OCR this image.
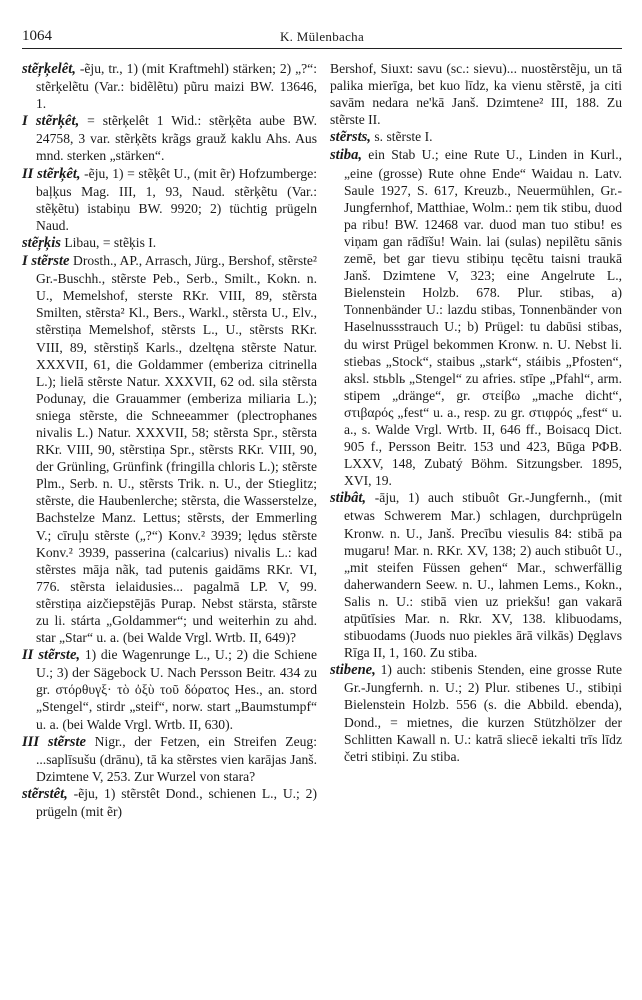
1064	K. Mülenbacha

stẽŗķelêt, -ẽju, tr., 1) (mit Kraftmehl) stärken; 2) „?“: stẽrķelẽtu (Var.: bidẽlẽtu) pũru maizi BW. 13646, 1.

I stẽrķêt, = stẽrķelêt 1 Wid.: stẽrķẽta aube BW. 24758, 3 var. stẽrķẽts krãgs grauž kaklu Ahs. Aus mnd. sterken „stärken“.

II stẽrķêt, -ẽju, 1) = stẽķêt U., (mit ẽr) Hofzumberge: baļķus Mag. III, 1, 93, Naud. stẽrķẽtu (Var.: stẽķẽtu) istabiņu BW. 9920; 2) tüchtig prügeln Naud.

stẽŗķis Libau, = stẽķis I.

I stẽrste Drosth., AP., Arrasch, Jürg., Bershof, stẽrste² Gr.-Buschh., stẽrste Peb., Serb., Smilt., Kokn. n. U., Memelshof, sterste RKr. VIII, 89, stẽrsta Smilten, stẽrsta² Kl., Bers., Warkl., stẽrsta U., Elv., stẽrstiņa Memelshof, stẽrsts L., U., stẽrsts RKr. VIII, 89, stẽrstiņš Karls., dzeltęna stẽrste Natur. XXXVII, 61, die Goldammer (emberiza citrinella L.); lielā stẽrste Natur. XXXVII, 62 od. sila stẽrsta Podunay, die Grauammer (emberiza miliaria L.); sniega stẽrste, die Schneeammer (plectrophanes nivalis L.) Natur. XXXVII, 58; stẽrsta Spr., stẽrsta RKr. VIII, 90, stẽrstiņa Spr., stẽrsts RKr. VIII, 90, der Grünling, Grünfink (fringilla chloris L.); stẽrste Plm., Serb. n. U., stẽrsts Trik. n. U., der Stieglitz; stẽrste, die Haubenlerche; stẽrsta, die Wasserstelze, Bachstelze Manz. Lettus; stẽrsts, der Emmerling V.; cīruļu stẽrste („?“) Konv.² 3939; lędus stẽrste Konv.² 3939, passerina (calcarius) nivalis L.: kad stẽrstes māja nãk, tad putenis gaidāms RKr. VI, 776. stẽrsta ielaidusies... pagalmā LP. V, 99. stẽrstiņa aizčiepstējās Purap. Nebst stärsta, stãrste zu li. stárta „Goldammer“; und weiterhin zu ahd. star „Star“ u. a. (bei Walde Vrgl. Wrtb. II, 649)?

II stẽrste, 1) die Wagenrunge L., U.; 2) die Schiene U.; 3) der Sägebock U. Nach Persson Beitr. 434 zu gr. στόρθυγξ· τὸ ὀξὺ τοῦ δόρατος Hes., an. stord „Stengel“, stirdr „steif“, norw. start „Baumstumpf“ u. a. (bei Walde Vrgl. Wrtb. II, 630).

III stẽrste Nigr., der Fetzen, ein Streifen Zeug: ...saplīsušu (drānu), tā ka stẽrstes vien karājas Janš. Dzimtene V, 253. Zur Wurzel von stara?

stẽrstêt, -ẽju, 1) stẽrstêt Dond., schienen L., U.; 2) prügeln (mit ẽr)

Bershof, Siuxt: savu (sc.: sievu)... nuostẽrstẽju, un tā palika mierīga, bet kuo līdz, ka vienu stẽrstē, ja citi savām nedara ne'kā Janš. Dzimtene² III, 188. Zu stẽrste II.

stẽrsts, s. stẽrste I.

stiba, ein Stab U.; eine Rute U., Linden in Kurl., „eine (grosse) Rute ohne Ende“ Waidau n. Latv. Saule 1927, S. 617, Kreuzb., Neuermühlen, Gr.-Jungfernhof, Matthiae, Wolm.: ņem tik stibu, duod pa ribu! BW. 12468 var. duod man tuo stibu! es viņam gan rādīšu! Wain. lai (sulas) nepilẽtu sānis zemē, bet gar tievu stibiņu tęcẽtu taisni traukā Janš. Dzimtene V, 323; eine Angelrute L., Bielenstein Holzb. 678. Plur. stibas, a) Tonnenbänder U.: lazdu stibas, Tonnenbänder von Haselnussstrauch U.; b) Prügel: tu dabūsi stibas, du wirst Prügel bekommen Kronw. n. U. Nebst li. stiebas „Stock“, staibus „stark“, stáibis „Pfosten“, aksl. stьblь „Stengel“ zu afries. stīpe „Pfahl“, arm. stipem „dränge“, gr. στείβω „mache dicht“, στιβαρός „fest“ u. a., resp. zu gr. στιφρός „fest“ u. a., s. Walde Vrgl. Wrtb. II, 646 ff., Boisacq Dict. 905 f., Persson Beitr. 153 und 423, Būga РФВ. LXXV, 148, Zubatý Böhm. Sitzungsber. 1895, XVI, 19.

stibât, -āju, 1) auch stibuôt Gr.-Jungfernh., (mit etwas Schwerem Mar.) schlagen, durchprügeln Kronw. n. U., Janš. Precību viesulis 84: stibā pa mugaru! Mar. n. RKr. XV, 138; 2) auch stibuôt U., „mit steifen Füssen gehen“ Mar., schwerfällig daherwandern Seew. n. U., lahmen Lems., Kokn., Salis n. U.: stibā vien uz priekšu! gan vakarā atpūtīsies Mar. n. Rkr. XV, 138. klibuodams, stibuodams (Juods nuo piekles ārā vilkās) Dęglavs Rīga II, 1, 160. Zu stiba.

stibene, 1) auch: stibenis Stenden, eine grosse Rute Gr.-Jungfernh. n. U.; 2) Plur. stibenes U., stibiņi Bielenstein Holzb. 556 (s. die Abbild. ebenda), Dond., = mietnes, die kurzen Stützhölzer der Schlitten Kawall n. U.: katrā sliecē iekalti trīs līdz četri stibiņi. Zu stiba.
